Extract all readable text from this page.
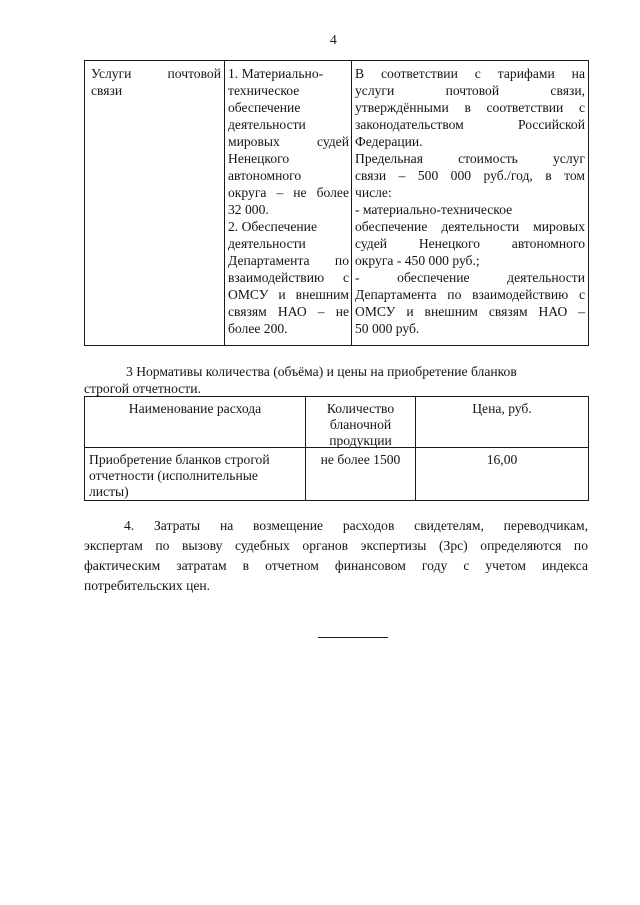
4
Услуги почтовой
связи
1. Материально-
техническое
обеспечение
деятельности
мировых судей
Ненецкого
автономного
округа – не более
32 000.
2. Обеспечение
деятельности
Департамента по
взаимодействию с
ОМСУ и внешним
связям НАО – не
более 200.
В соответствии с тарифами на
услуги почтовой связи,
утверждёнными в соответствии с
законодательством Российской
Федерации.
Предельная стоимость услуг
связи – 500 000 руб./год, в том
числе:
- материально-техническое
обеспечение деятельности мировых
судей Ненецкого автономного
округа - 450 000 руб.;
- обеспечение деятельности
Департамента по взаимодействию с
ОМСУ и внешним связям НАО –
50 000 руб.
3 Нормативы количества (объёма) и цены на приобретение бланков
строгой отчетности.
Наименование расхода	Количество
бланочной
продукции
Цена, руб.
Приобретение бланков строгой
отчетности (исполнительные
листы)
не более 1500	16,00
4. Затраты на возмещение расходов свидетелям, переводчикам,
экспертам по вызову судебных органов экспертизы (Зрс) определяются по
фактическим затратам в отчетном финансовом году с учетом индекса
потребительских цен.
